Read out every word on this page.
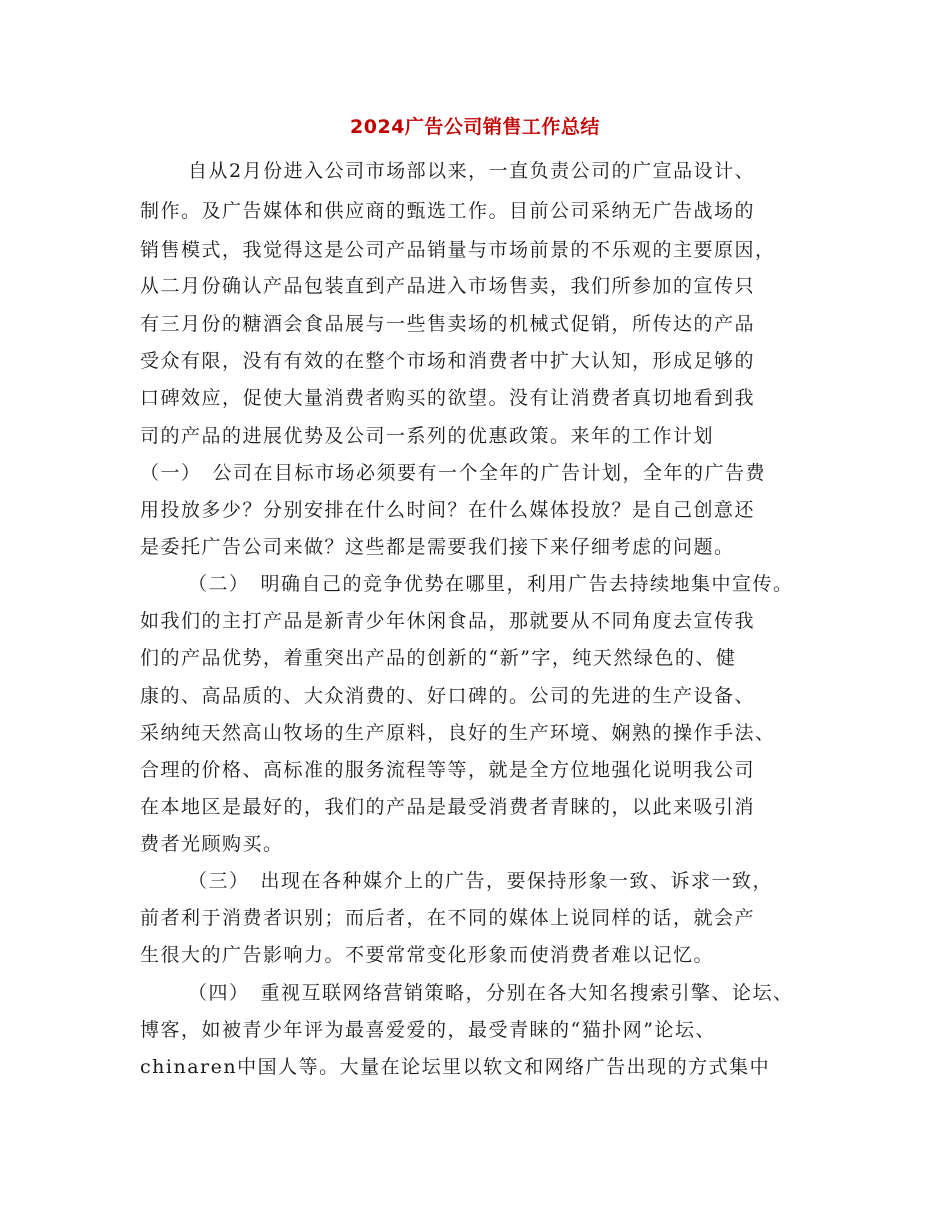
2024广告公司销售工作总结
自从2月份进入公司市场部以来，一直负责公司的广宣品设计、
制作。及广告媒体和供应商的甄选工作。目前公司采纳无广告战场的
销售模式，我觉得这是公司产品销量与市场前景的不乐观的主要原因，
从二月份确认产品包装直到产品进入市场售卖，我们所参加的宣传只
有三月份的糖酒会食品展与一些售卖场的机械式促销，所传达的产品
受众有限，没有有效的在整个市场和消费者中扩大认知，形成足够的
口碑效应，促使大量消费者购买的欲望。没有让消费者真切地看到我
司的产品的进展优势及公司一系列的优惠政策。来年的工作计划
（一）　公司在目标市场必须要有一个全年的广告计划，全年的广告费
用投放多少？分别安排在什么时间？在什么媒体投放？是自己创意还
是委托广告公司来做？这些都是需要我们接下来仔细考虑的问题。
（二）　明确自己的竞争优势在哪里，利用广告去持续地集中宣传。
如我们的主打产品是新青少年休闲食品，那就要从不同角度去宣传我
们的产品优势，着重突出产品的创新的“新”字，纯天然绿色的、健
康的、高品质的、大众消费的、好口碑的。公司的先进的生产设备、
采纳纯天然高山牧场的生产原料，良好的生产环境、娴熟的操作手法、
合理的价格、高标准的服务流程等等，就是全方位地强化说明我公司
在本地区是最好的，我们的产品是最受消费者青睐的，以此来吸引消
费者光顾购买。
（三）　出现在各种媒介上的广告，要保持形象一致、诉求一致，
前者利于消费者识别；而后者，在不同的媒体上说同样的话，就会产
生很大的广告影响力。不要常常变化形象而使消费者难以记忆。
（四）　重视互联网络营销策略，分别在各大知名搜索引擎、论坛、
博客，如被青少年评为最喜爱爱的，最受青睐的“猫扑网”论坛、
chinaren中国人等。大量在论坛里以软文和网络广告出现的方式集中
